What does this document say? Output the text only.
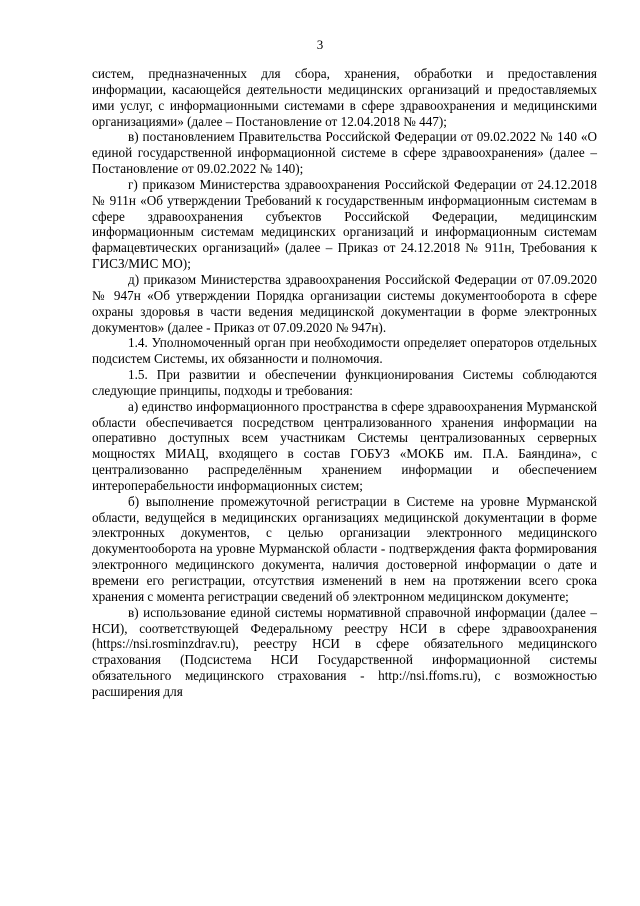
3

систем, предназначенных для сбора, хранения, обработки и предоставления информации, касающейся деятельности медицинских организаций и предоставляемых ими услуг, с информационными системами в сфере здравоохранения и медицинскими организациями» (далее – Постановление от 12.04.2018 № 447);

в) постановлением Правительства Российской Федерации от 09.02.2022 № 140 «О единой государственной информационной системе в сфере здравоохранения» (далее – Постановление от 09.02.2022 № 140);

г) приказом Министерства здравоохранения Российской Федерации от 24.12.2018 № 911н «Об утверждении Требований к государственным информационным системам в сфере здравоохранения субъектов Российской Федерации, медицинским информационным системам медицинских организаций и информационным системам фармацевтических организаций» (далее – Приказ от 24.12.2018 № 911н, Требования к ГИСЗ/МИС МО);

д) приказом Министерства здравоохранения Российской Федерации от 07.09.2020 № 947н «Об утверждении Порядка организации системы документооборота в сфере охраны здоровья в части ведения медицинской документации в форме электронных документов» (далее - Приказ от 07.09.2020 № 947н).

1.4. Уполномоченный орган при необходимости определяет операторов отдельных подсистем Системы, их обязанности и полномочия.

1.5. При развитии и обеспечении функционирования Системы соблюдаются следующие принципы, подходы и требования:

а) единство информационного пространства в сфере здравоохранения Мурманской области обеспечивается посредством централизованного хранения информации на оперативно доступных всем участникам Системы централизованных серверных мощностях МИАЦ, входящего в состав ГОБУЗ «МОКБ им. П.А. Баяндина», с централизованно распределённым хранением информации и обеспечением интероперабельности информационных систем;

б) выполнение промежуточной регистрации в Системе на уровне Мурманской области, ведущейся в медицинских организациях медицинской документации в форме электронных документов, с целью организации электронного медицинского документооборота на уровне Мурманской области - подтверждения факта формирования электронного медицинского документа, наличия достоверной информации о дате и времени его регистрации, отсутствия изменений в нем на протяжении всего срока хранения с момента регистрации сведений об электронном медицинском документе;

в) использование единой системы нормативной справочной информации (далее – НСИ), соответствующей Федеральному реестру НСИ в сфере здравоохранения (https://nsi.rosminzdrav.ru), реестру НСИ в сфере обязательного медицинского страхования (Подсистема НСИ Государственной информационной системы обязательного медицинского страхования - http://nsi.ffoms.ru), с возможностью расширения для
